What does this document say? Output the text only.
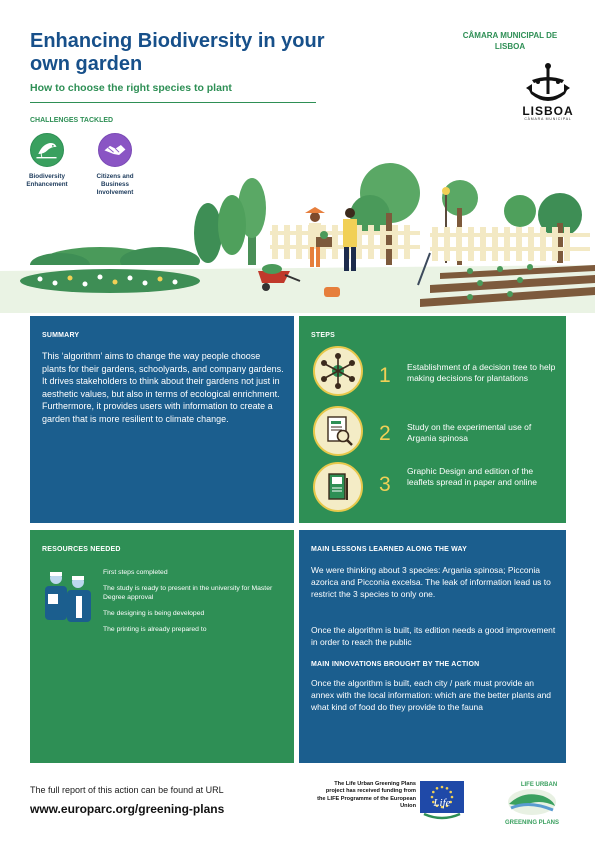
Enhancing Biodiversity in your own garden
How to choose the right species to plant
CÂMARA MUNICIPAL DE
LISBOA
LISBOA
CÂMARA MUNICIPAL
CHALLENGES TACKLED
Biodiversity
Enhancement
Citizens and
Business
Involvement
SUMMARY
This ‘algorithm’ aims to change the way people choose plants for their gardens, schoolyards, and company gardens. It drives stakeholders to think about their gardens not just in aesthetic values, but also in terms of ecological enrichment. Furthermore, it provides users with information to create a garden that is more resilient to climate change.
STEPS
1 Establishment of a decision tree to help making decisions for plantations
2 Study on the experimental use of Argania spinosa
3
Graphic Design and edition of the leaflets spread in paper and online
RESOURCES NEEDED
First steps completed
The study is ready to present in the university for Master Degree approval
The designing is being developed
The printing is already prepared to
MAIN LESSONS LEARNED ALONG THE WAY
We were thinking about 3 species: Argania spinosa; Picconia azorica and Picconia excelsa. The leak of information lead us to restrict the 3 species to only one.
Once the algorithm is built, its edition needs a good improvement in order to reach the public
MAIN INNOVATIONS BROUGHT BY THE ACTION
Once the algorithm is built, each city / park must provide an annex with the local information: which are the better plants and what kind of food do they provide to the fauna
The full report of this action can be found at URL
www.europarc.org/greening-plans
The Life Urban Greening Plans project has received funding from the LIFE Programme of the European Union Life
LIFE URBAN
GREENING PLANS
